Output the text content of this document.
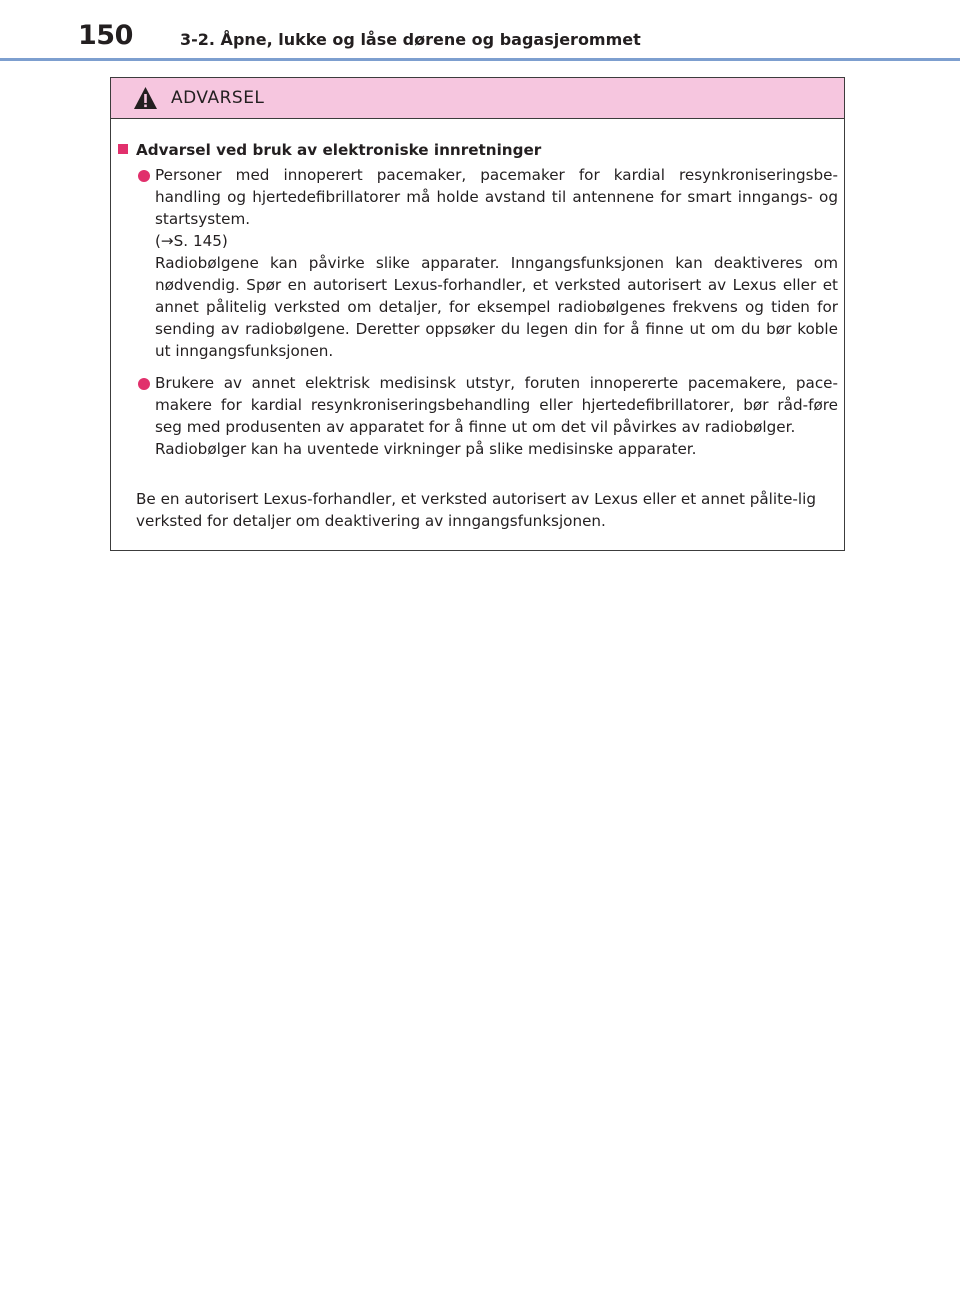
150	3-2. Åpne, lukke og låse dørene og bagasjerommet
ADVARSEL
Advarsel ved bruk av elektroniske innretninger

Personer med innoperert pacemaker, pacemaker for kardial resynkroniseringsbe-handling og hjertedefibrillatorer må holde avstand til antennene for smart inngangs- og startsystem.

(→S. 145)

Radiobølgene kan påvirke slike apparater. Inngangsfunksjonen kan deaktiveres om nødvendig. Spør en autorisert Lexus-forhandler, et verksted autorisert av Lexus eller et annet pålitelig verksted om detaljer, for eksempel radiobølgenes frekvens og tiden for sending av radiobølgene. Deretter oppsøker du legen din for å finne ut om du bør koble ut inngangsfunksjonen.

Brukere av annet elektrisk medisinsk utstyr, foruten innopererte pacemakere, pace-makere for kardial resynkroniseringsbehandling eller hjertedefibrillatorer, bør råd-føre seg med produsenten av apparatet for å finne ut om det vil påvirkes av radiobølger.

Radiobølger kan ha uventede virkninger på slike medisinske apparater.

Be en autorisert Lexus-forhandler, et verksted autorisert av Lexus eller et annet pålite-lig verksted for detaljer om deaktivering av inngangsfunksjonen.
